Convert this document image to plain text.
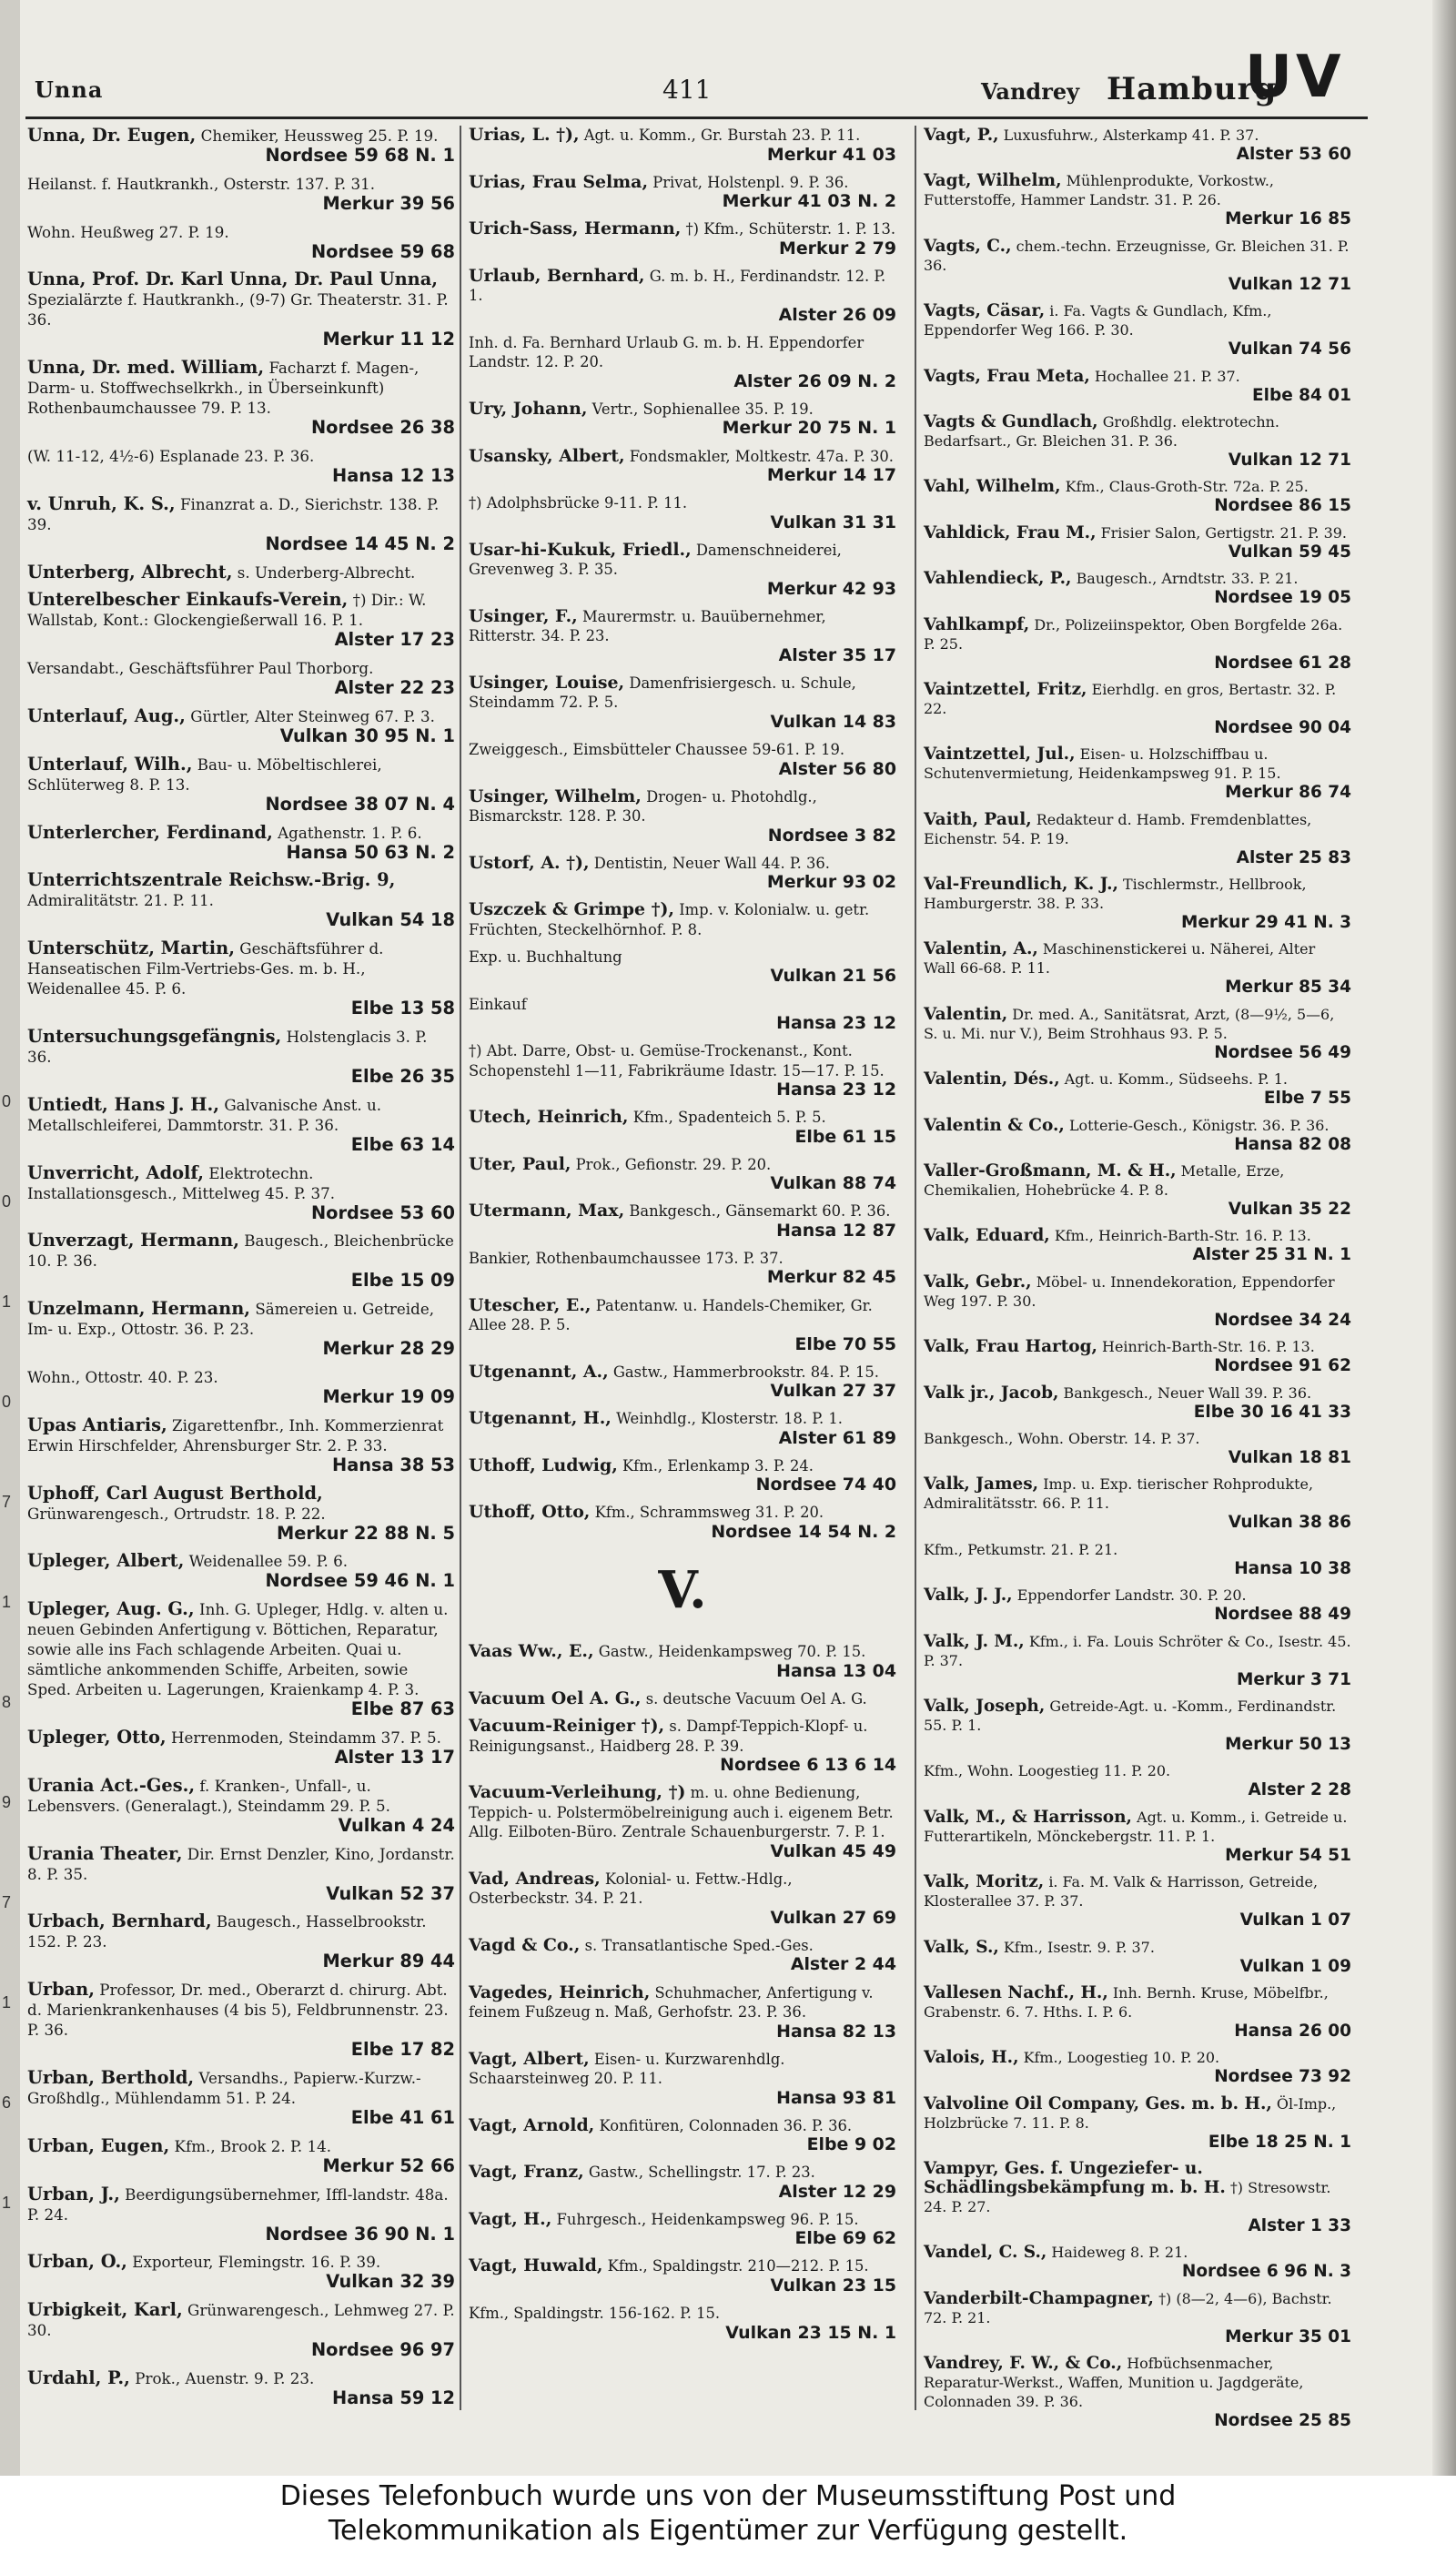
0
0
1
0
7
1
8
9
7
1
6
1
Unna	411	Vandrey Hamburg
UV
Unna, Dr. Eugen, Chemiker, Heussweg 25. P. 19.
Nordsee 59 68 N. 1
Heilanst. f. Hautkrankh., Osterstr. 137. P. 31.
Merkur 39 56
Wohn. Heußweg 27. P. 19.
Nordsee 59 68
Unna, Prof. Dr. Karl Unna, Dr. Paul Unna, Spezialärzte f. Hautkrankh., (9-7) Gr. Theaterstr. 31. P. 36.
Merkur 11 12
Unna, Dr. med. William, Facharzt f. Magen-, Darm- u. Stoffwechselkrkh., in Überseinkunft) Rothenbaumchaussee 79. P. 13.
Nordsee 26 38
(W. 11-12, 4½-6) Esplanade 23. P. 36.
Hansa 12 13
v. Unruh, K. S., Finanzrat a. D., Sierichstr. 138. P. 39.
Nordsee 14 45 N. 2
Unterberg, Albrecht, s. Underberg-Albrecht.
Unterelbescher Einkaufs-Verein, †) Dir.: W. Wallstab, Kont.: Glockengießerwall 16. P. 1.
Alster 17 23
Versandabt., Geschäftsführer Paul Thorborg.
Alster 22 23
Unterlauf, Aug., Gürtler, Alter Steinweg 67. P. 3.
Vulkan 30 95 N. 1
Unterlauf, Wilh., Bau- u. Möbeltischlerei, Schlüterweg 8. P. 13.
Nordsee 38 07 N. 4
Unterlercher, Ferdinand, Agathenstr. 1. P. 6.
Hansa 50 63 N. 2
Unterrichtszentrale Reichsw.-Brig. 9, Admiralitätstr. 21. P. 11.
Vulkan 54 18
Unterschütz, Martin, Geschäftsführer d. Hanseatischen Film-Vertriebs-Ges. m. b. H., Weidenallee 45. P. 6.
Elbe 13 58
Untersuchungsgefängnis, Holstenglacis 3. P. 36.
Elbe 26 35
Untiedt, Hans J. H., Galvanische Anst. u. Metallschleiferei, Dammtorstr. 31. P. 36.
Elbe 63 14
Unverricht, Adolf, Elektrotechn. Installationsgesch., Mittelweg 45. P. 37.
Nordsee 53 60
Unverzagt, Hermann, Baugesch., Bleichenbrücke 10. P. 36.
Elbe 15 09
Unzelmann, Hermann, Sämereien u. Getreide, Im- u. Exp., Ottostr. 36. P. 23.
Merkur 28 29
Wohn., Ottostr. 40. P. 23.
Merkur 19 09
Upas Antiaris, Zigarettenfbr., Inh. Kommerzienrat Erwin Hirschfelder, Ahrensburger Str. 2. P. 33.
Hansa 38 53
Uphoff, Carl August Berthold, Grünwarengesch., Ortrudstr. 18. P. 22.
Merkur 22 88 N. 5
Upleger, Albert, Weidenallee 59. P. 6.
Nordsee 59 46 N. 1
Upleger, Aug. G., Inh. G. Upleger, Hdlg. v. alten u. neuen Gebinden Anfertigung v. Böttichen, Reparatur, sowie alle ins Fach schlagende Arbeiten. Quai u. sämtliche ankommenden Schiffe, Arbeiten, sowie Sped. Arbeiten u. Lagerungen, Kraienkamp 4. P. 3.
Elbe 87 63
Upleger, Otto, Herrenmoden, Steindamm 37. P. 5.
Alster 13 17
Urania Act.-Ges., f. Kranken-, Unfall-, u. Lebensvers. (Generalagt.), Steindamm 29. P. 5.
Vulkan 4 24
Urania Theater, Dir. Ernst Denzler, Kino, Jordanstr. 8. P. 35.
Vulkan 52 37
Urbach, Bernhard, Baugesch., Hasselbrookstr. 152. P. 23.
Merkur 89 44
Urban, Professor, Dr. med., Oberarzt d. chirurg. Abt. d. Marienkrankenhauses (4 bis 5), Feldbrunnenstr. 23. P. 36.
Elbe 17 82
Urban, Berthold, Versandhs., Papierw.-Kurzw.-Großhdlg., Mühlendamm 51. P. 24.
Elbe 41 61
Urban, Eugen, Kfm., Brook 2. P. 14.
Merkur 52 66
Urban, J., Beerdigungsübernehmer, Iffl-landstr. 48a. P. 24.
Nordsee 36 90 N. 1
Urban, O., Exporteur, Flemingstr. 16. P. 39.
Vulkan 32 39
Urbigkeit, Karl, Grünwarengesch., Lehmweg 27. P. 30.
Nordsee 96 97
Urdahl, P., Prok., Auenstr. 9. P. 23.
Hansa 59 12
Urias, L. †), Agt. u. Komm., Gr. Burstah 23. P. 11.
Merkur 41 03
Urias, Frau Selma, Privat, Holstenpl. 9. P. 36.
Merkur 41 03 N. 2
Urich-Sass, Hermann, †) Kfm., Schüterstr. 1. P. 13.
Merkur 2 79
Urlaub, Bernhard, G. m. b. H., Ferdinandstr. 12. P. 1.
Alster 26 09
Inh. d. Fa. Bernhard Urlaub G. m. b. H. Eppendorfer Landstr. 12. P. 20.
Alster 26 09 N. 2
Ury, Johann, Vertr., Sophienallee 35. P. 19.
Merkur 20 75 N. 1
Usansky, Albert, Fondsmakler, Moltkestr. 47a. P. 30.
Merkur 14 17
†) Adolphsbrücke 9-11. P. 11.
Vulkan 31 31
Usar-hi-Kukuk, Friedl., Damenschneiderei, Grevenweg 3. P. 35.
Merkur 42 93
Usinger, F., Maurermstr. u. Bauübernehmer, Ritterstr. 34. P. 23.
Alster 35 17
Usinger, Louise, Damenfrisiergesch. u. Schule, Steindamm 72. P. 5.
Vulkan 14 83
Zweiggesch., Eimsbütteler Chaussee 59-61. P. 19.
Alster 56 80
Usinger, Wilhelm, Drogen- u. Photohdlg., Bismarckstr. 128. P. 30.
Nordsee 3 82
Ustorf, A. †), Dentistin, Neuer Wall 44. P. 36.
Merkur 93 02
Uszczek & Grimpe †), Imp. v. Kolonialw. u. getr. Früchten, Steckelhörnhof. P. 8.
Exp. u. Buchhaltung
Vulkan 21 56
Einkauf
Hansa 23 12
†) Abt. Darre, Obst- u. Gemüse-Trockenanst., Kont. Schopenstehl 1—11, Fabrikräume Idastr. 15—17. P. 15.
Hansa 23 12
Utech, Heinrich, Kfm., Spadenteich 5. P. 5.
Elbe 61 15
Uter, Paul, Prok., Gefionstr. 29. P. 20.
Vulkan 88 74
Utermann, Max, Bankgesch., Gänsemarkt 60. P. 36.
Hansa 12 87
Bankier, Rothenbaumchaussee 173. P. 37.
Merkur 82 45
Utescher, E., Patentanw. u. Handels-Chemiker, Gr. Allee 28. P. 5.
Elbe 70 55
Utgenannt, A., Gastw., Hammerbrookstr. 84. P. 15.
Vulkan 27 37
Utgenannt, H., Weinhdlg., Klosterstr. 18. P. 1.
Alster 61 89
Uthoff, Ludwig, Kfm., Erlenkamp 3. P. 24.
Nordsee 74 40
Uthoff, Otto, Kfm., Schrammsweg 31. P. 20.
Nordsee 14 54 N. 2
V.
Vaas Ww., E., Gastw., Heidenkampsweg 70. P. 15.
Hansa 13 04
Vacuum Oel A. G., s. deutsche Vacuum Oel A. G.
Vacuum-Reiniger †), s. Dampf-Teppich-Klopf- u. Reinigungsanst., Haidberg 28. P. 39.
Nordsee 6 13 6 14
Vacuum-Verleihung, †) m. u. ohne Bedienung, Teppich- u. Polstermöbelreinigung auch i. eigenem Betr. Allg. Eilboten-Büro. Zentrale Schauenburgerstr. 7. P. 1.
Vulkan 45 49
Vad, Andreas, Kolonial- u. Fettw.-Hdlg., Osterbeckstr. 34. P. 21.
Vulkan 27 69
Vagd & Co., s. Transatlantische Sped.-Ges.
Alster 2 44
Vagedes, Heinrich, Schuhmacher, Anfertigung v. feinem Fußzeug n. Maß, Gerhofstr. 23. P. 36.
Hansa 82 13
Vagt, Albert, Eisen- u. Kurzwarenhdlg. Schaarsteinweg 20. P. 11.
Hansa 93 81
Vagt, Arnold, Konfitüren, Colonnaden 36. P. 36.
Elbe 9 02
Vagt, Franz, Gastw., Schellingstr. 17. P. 23.
Alster 12 29
Vagt, H., Fuhrgesch., Heidenkampsweg 96. P. 15.
Elbe 69 62
Vagt, Huwald, Kfm., Spaldingstr. 210—212. P. 15.
Vulkan 23 15
Kfm., Spaldingstr. 156-162. P. 15.
Vulkan 23 15 N. 1
Vagt, P., Luxusfuhrw., Alsterkamp 41. P. 37.
Alster 53 60
Vagt, Wilhelm, Mühlenprodukte, Vorkostw., Futterstoffe, Hammer Landstr. 31. P. 26.
Merkur 16 85
Vagts, C., chem.-techn. Erzeugnisse, Gr. Bleichen 31. P. 36.
Vulkan 12 71
Vagts, Cäsar, i. Fa. Vagts & Gundlach, Kfm., Eppendorfer Weg 166. P. 30.
Vulkan 74 56
Vagts, Frau Meta, Hochallee 21. P. 37.
Elbe 84 01
Vagts & Gundlach, Großhdlg. elektrotechn. Bedarfsart., Gr. Bleichen 31. P. 36.
Vulkan 12 71
Vahl, Wilhelm, Kfm., Claus-Groth-Str. 72a. P. 25.
Nordsee 86 15
Vahldick, Frau M., Frisier Salon, Gertigstr. 21. P. 39.
Vulkan 59 45
Vahlendieck, P., Baugesch., Arndtstr. 33. P. 21.
Nordsee 19 05
Vahlkampf, Dr., Polizeiinspektor, Oben Borgfelde 26a. P. 25.
Nordsee 61 28
Vaintzettel, Fritz, Eierhdlg. en gros, Bertastr. 32. P. 22.
Nordsee 90 04
Vaintzettel, Jul., Eisen- u. Holzschiffbau u. Schutenvermietung, Heidenkampsweg 91. P. 15.
Merkur 86 74
Vaith, Paul, Redakteur d. Hamb. Fremdenblattes, Eichenstr. 54. P. 19.
Alster 25 83
Val-Freundlich, K. J., Tischlermstr., Hellbrook, Hamburgerstr. 38. P. 33.
Merkur 29 41 N. 3
Valentin, A., Maschinenstickerei u. Näherei, Alter Wall 66-68. P. 11.
Merkur 85 34
Valentin, Dr. med. A., Sanitätsrat, Arzt, (8—9½, 5—6, S. u. Mi. nur V.), Beim Strohhaus 93. P. 5.
Nordsee 56 49
Valentin, Dés., Agt. u. Komm., Südseehs. P. 1.
Elbe 7 55
Valentin & Co., Lotterie-Gesch., Königstr. 36. P. 36.
Hansa 82 08
Valler-Großmann, M. & H., Metalle, Erze, Chemikalien, Hohebrücke 4. P. 8.
Vulkan 35 22
Valk, Eduard, Kfm., Heinrich-Barth-Str. 16. P. 13.
Alster 25 31 N. 1
Valk, Gebr., Möbel- u. Innendekoration, Eppendorfer Weg 197. P. 30.
Nordsee 34 24
Valk, Frau Hartog, Heinrich-Barth-Str. 16. P. 13.
Nordsee 91 62
Valk jr., Jacob, Bankgesch., Neuer Wall 39. P. 36.
Elbe 30 16 41 33
Bankgesch., Wohn. Oberstr. 14. P. 37.
Vulkan 18 81
Valk, James, Imp. u. Exp. tierischer Rohprodukte, Admiralitätsstr. 66. P. 11.
Vulkan 38 86
Kfm., Petkumstr. 21. P. 21.
Hansa 10 38
Valk, J. J., Eppendorfer Landstr. 30. P. 20.
Nordsee 88 49
Valk, J. M., Kfm., i. Fa. Louis Schröter & Co., Isestr. 45. P. 37.
Merkur 3 71
Valk, Joseph, Getreide-Agt. u. -Komm., Ferdinandstr. 55. P. 1.
Merkur 50 13
Kfm., Wohn. Loogestieg 11. P. 20.
Alster 2 28
Valk, M., & Harrisson, Agt. u. Komm., i. Getreide u. Futterartikeln, Mönckebergstr. 11. P. 1.
Merkur 54 51
Valk, Moritz, i. Fa. M. Valk & Harrisson, Getreide, Klosterallee 37. P. 37.
Vulkan 1 07
Valk, S., Kfm., Isestr. 9. P. 37.
Vulkan 1 09
Vallesen Nachf., H., Inh. Bernh. Kruse, Möbelfbr., Grabenstr. 6. 7. Hths. I. P. 6.
Hansa 26 00
Valois, H., Kfm., Loogestieg 10. P. 20.
Nordsee 73 92
Valvoline Oil Company, Ges. m. b. H., Öl-Imp., Holzbrücke 7. 11. P. 8.
Elbe 18 25 N. 1
Vampyr, Ges. f. Ungeziefer- u. Schädlingsbekämpfung m. b. H. †) Stresowstr. 24. P. 27.
Alster 1 33
Vandel, C. S., Haideweg 8. P. 21.
Nordsee 6 96 N. 3
Vanderbilt-Champagner, †) (8—2, 4—6), Bachstr. 72. P. 21.
Merkur 35 01
Vandrey, F. W., & Co., Hofbüchsenmacher, Reparatur-Werkst., Waffen, Munition u. Jagdgeräte, Colonnaden 39. P. 36.
Nordsee 25 85
Dieses Telefonbuch wurde uns von der Museumsstiftung Post und
Telekommunikation als Eigentümer zur Verfügung gestellt.
